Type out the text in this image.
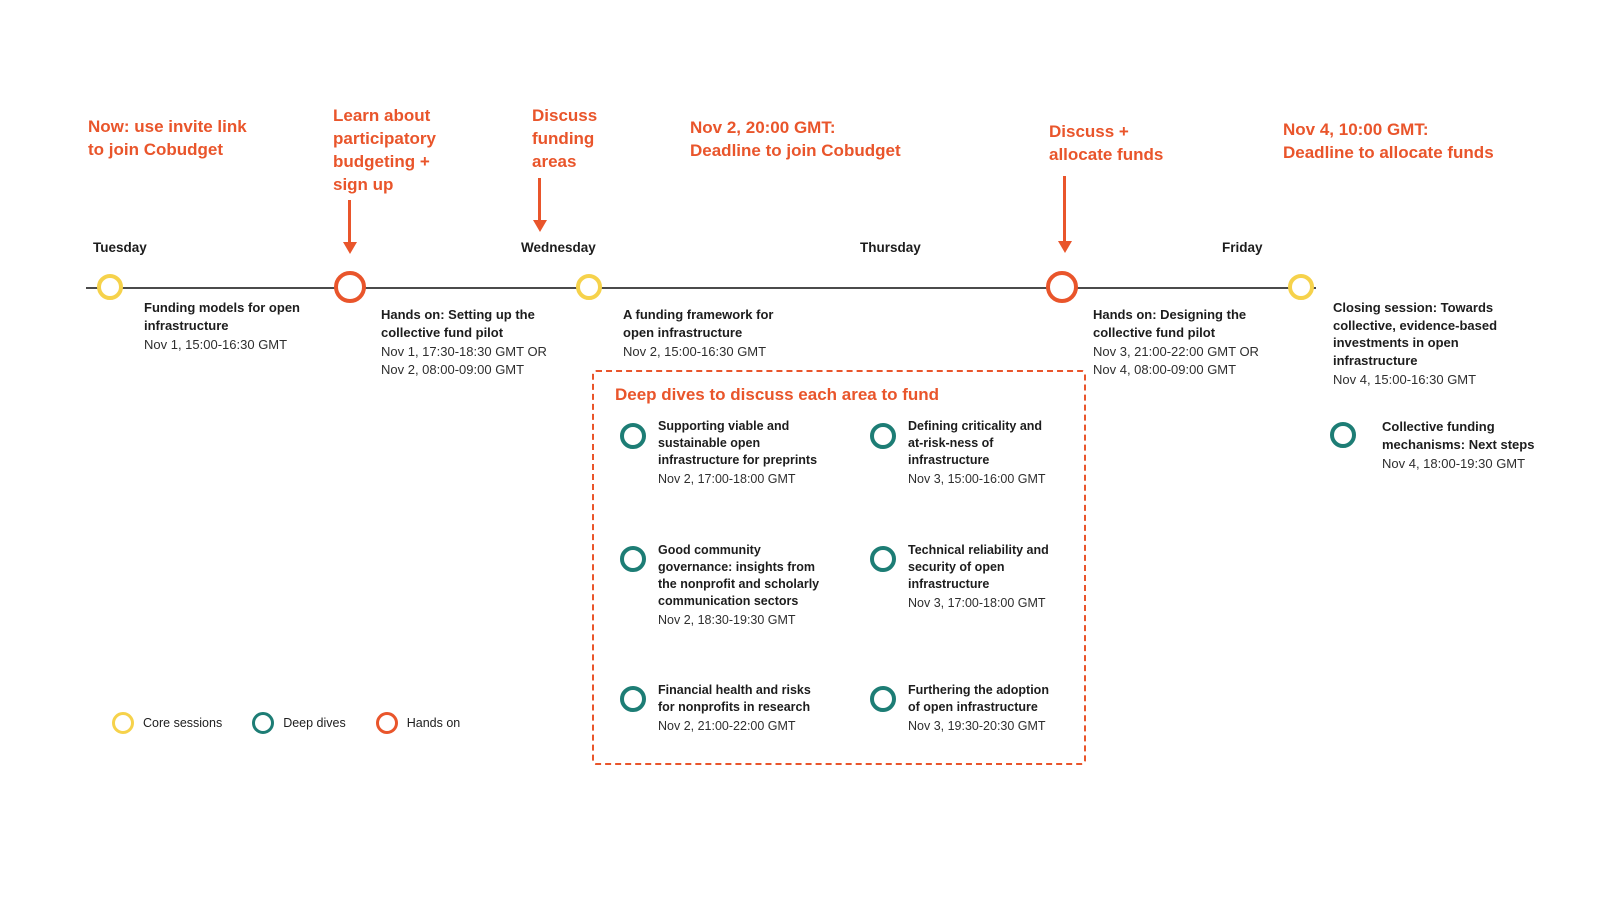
Now: use invite link
to join Cobudget
Learn about
participatory
budgeting +
sign up
Discuss
funding
areas
Nov 2, 20:00 GMT:
Deadline to join Cobudget
Discuss +
allocate funds
Nov 4, 10:00 GMT:
Deadline to allocate funds
Tuesday	Wednesday	Thursday	Friday
Funding models for open
infrastructure
Nov 1, 15:00-16:30 GMT
Hands on: Setting up the
collective fund pilot
Nov 1, 17:30-18:30 GMT OR
Nov 2, 08:00-09:00 GMT
A funding framework for
open infrastructure
Nov 2, 15:00-16:30 GMT
Hands on: Designing the
collective fund pilot
Nov 3, 21:00-22:00 GMT OR
Nov 4, 08:00-09:00 GMT
Closing session: Towards
collective, evidence-based
investments in open
infrastructure
Nov 4, 15:00-16:30 GMT
Collective funding
mechanisms: Next steps
Nov 4, 18:00-19:30 GMT
Deep dives to discuss each area to fund
Supporting viable and
sustainable open
infrastructure for preprints
Nov 2, 17:00-18:00 GMT
Good community
governance: insights from
the nonprofit and scholarly
communication sectors
Nov 2, 18:30-19:30 GMT
Financial health and risks
for nonprofits in research
Nov 2, 21:00-22:00 GMT
Defining criticality and
at-risk-ness of
infrastructure
Nov 3, 15:00-16:00 GMT
Technical reliability and
security of open
infrastructure
Nov 3, 17:00-18:00 GMT
Furthering the adoption
of open infrastructure
Nov 3, 19:30-20:30 GMT
Core sessions	Deep dives	Hands on
